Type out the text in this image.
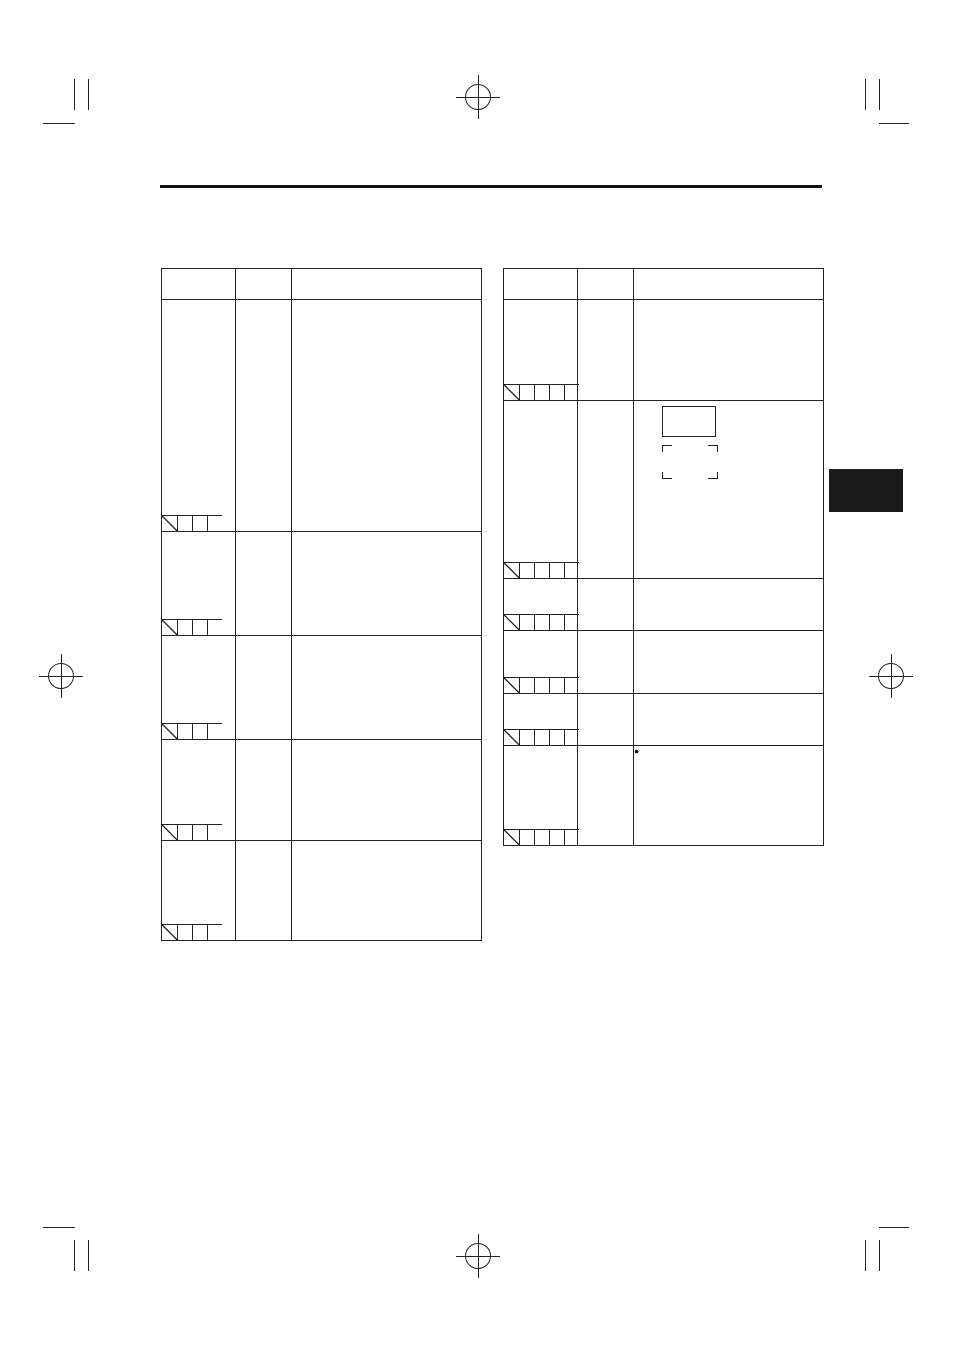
		●
